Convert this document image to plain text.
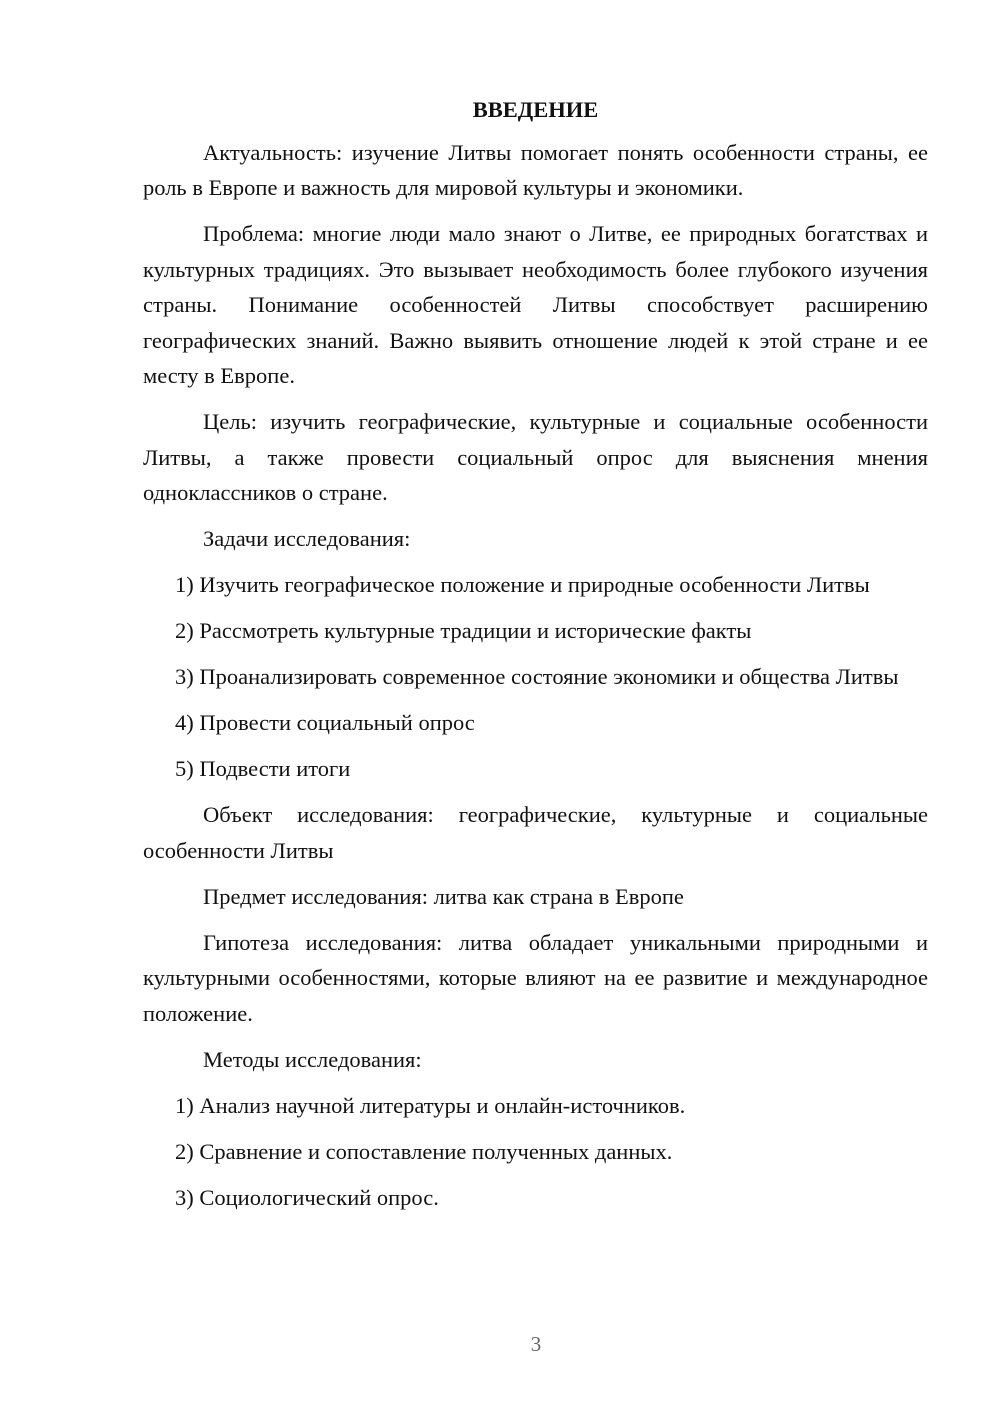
ВВЕДЕНИЕ

Актуальность: изучение Литвы помогает понять особенности страны, ее роль в Европе и важность для мировой культуры и экономики.

Проблема: многие люди мало знают о Литве, ее природных богатствах и культурных традициях. Это вызывает необходимость более глубокого изучения страны. Понимание особенностей Литвы способствует расширению географических знаний. Важно выявить отношение людей к этой стране и ее месту в Европе.

Цель: изучить географические, культурные и социальные особенности Литвы, а также провести социальный опрос для выяснения мнения одноклассников о стране.

Задачи исследования:

1) Изучить географическое положение и природные особенности Литвы

2) Рассмотреть культурные традиции и исторические факты

3) Проанализировать современное состояние экономики и общества Литвы

4) Провести социальный опрос

5) Подвести итоги

Объект исследования: географические, культурные и социальные особенности Литвы

Предмет исследования: литва как страна в Европе

Гипотеза исследования: литва обладает уникальными природными и культурными особенностями, которые влияют на ее развитие и международное положение.

Методы исследования:

1) Анализ научной литературы и онлайн-источников.

2) Сравнение и сопоставление полученных данных.

3) Социологический опрос.

3
